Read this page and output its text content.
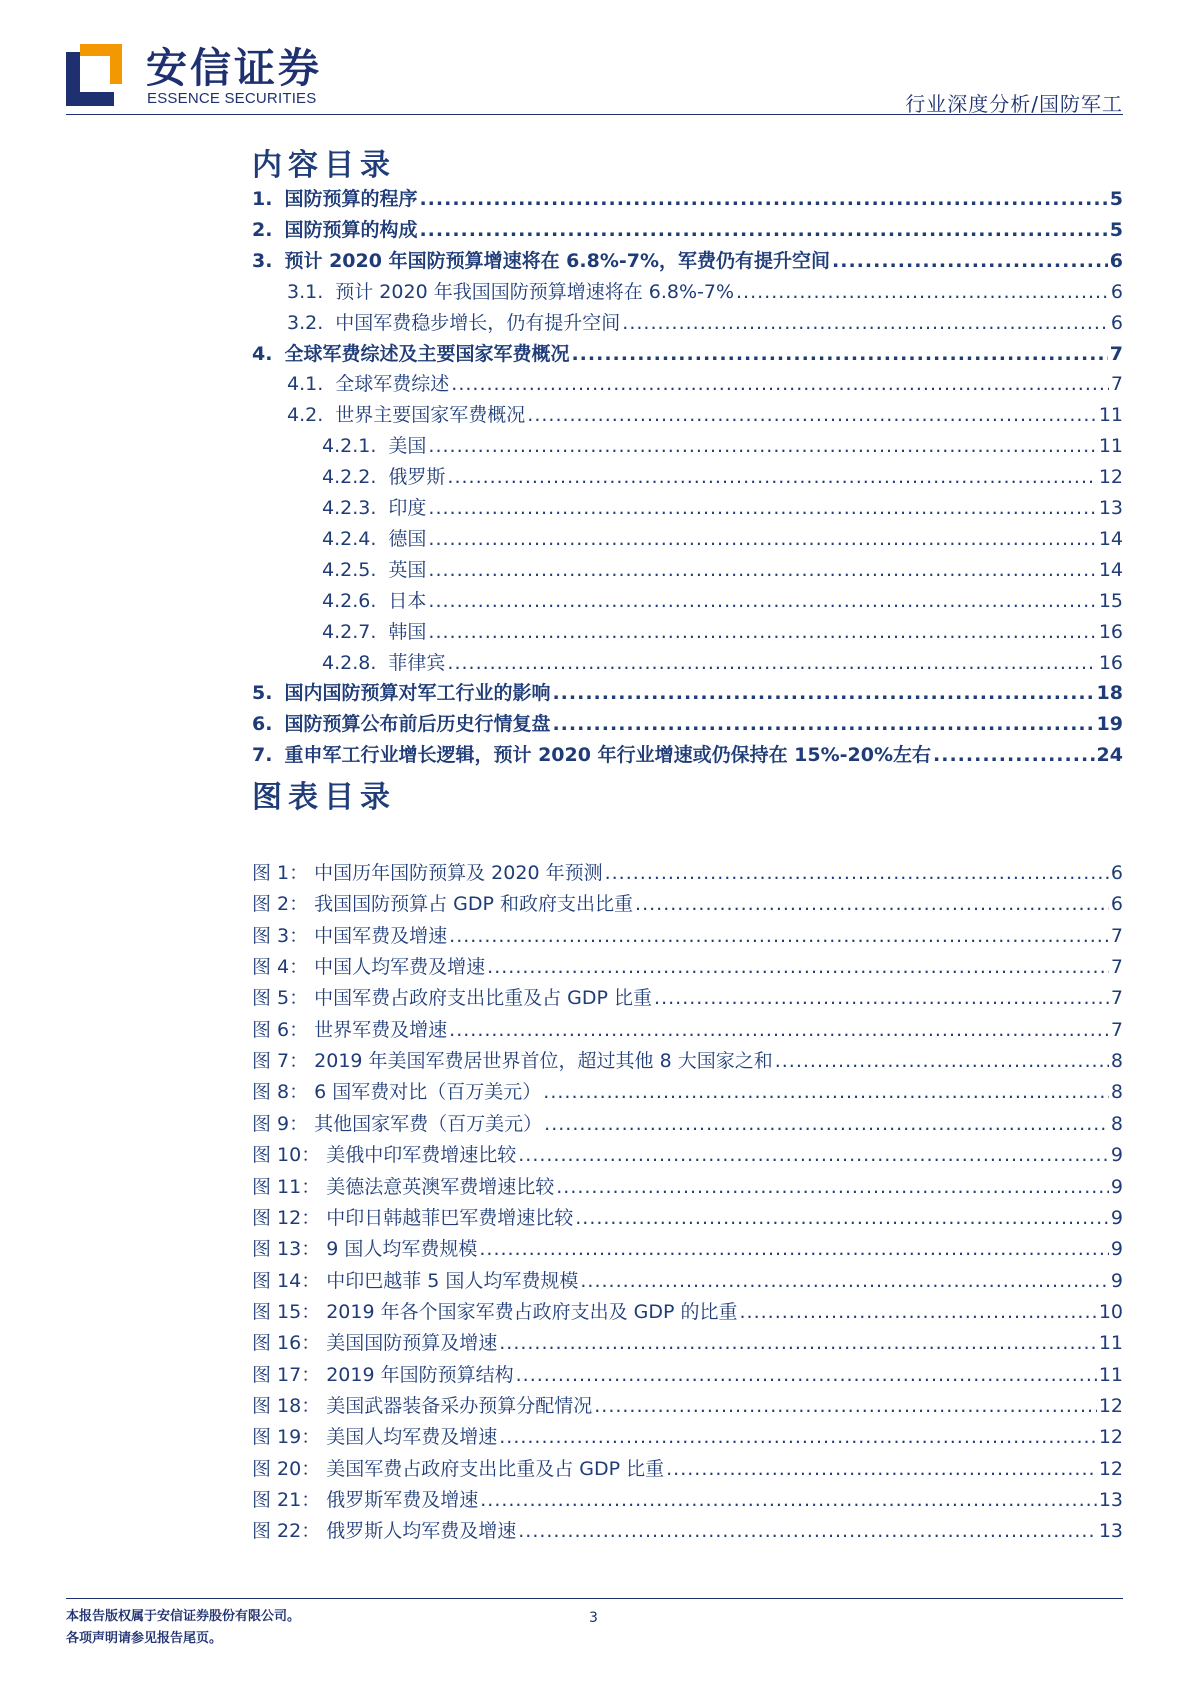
安信证券
ESSENCE SECURITIES	行业深度分析/国防军工
内容目录
1. 国防预算的程序 .....	5
2. 国防预算的构成 .....	5
3. 预计 2020 年国防预算增速将在 6.8%-7%，军费仍有提升空间 .....	6
3.1. 预计 2020 年我国国防预算增速将在 6.8%-7% .....	6
3.2. 中国军费稳步增长，仍有提升空间 .....	6
4. 全球军费综述及主要国家军费概况 .....	7
4.1. 全球军费综述 .....	7
4.2. 世界主要国家军费概况 .....	11
4.2.1. 美国 .....	11
4.2.2. 俄罗斯 .....	12
4.2.3. 印度 .....	13
4.2.4. 德国 .....	14
4.2.5. 英国 .....	14
4.2.6. 日本 .....	15
4.2.7. 韩国 .....	16
4.2.8. 菲律宾 .....	16
5. 国内国防预算对军工行业的影响 .....	18
6. 国防预算公布前后历史行情复盘 .....	19
7. 重申军工行业增长逻辑，预计 2020 年行业增速或仍保持在 15%-20%左右 .....	24
图表目录
图 1： 中国历年国防预算及 2020 年预测 .....	6
图 2： 我国国防预算占 GDP 和政府支出比重 .....	6
图 3： 中国军费及增速 .....	7
图 4： 中国人均军费及增速 .....	7
图 5： 中国军费占政府支出比重及占 GDP 比重 .....	7
图 6： 世界军费及增速 .....	7
图 7： 2019 年美国军费居世界首位，超过其他 8 大国家之和 .....	8
图 8： 6 国军费对比（百万美元） .....	8
图 9： 其他国家军费（百万美元） .....	8
图 10： 美俄中印军费增速比较 .....	9
图 11： 美德法意英澳军费增速比较 .....	9
图 12： 中印日韩越菲巴军费增速比较 .....	9
图 13： 9 国人均军费规模 .....	9
图 14： 中印巴越菲 5 国人均军费规模 .....	9
图 15： 2019 年各个国家军费占政府支出及 GDP 的比重 .....	10
图 16： 美国国防预算及增速 .....	11
图 17： 2019 年国防预算结构 .....	11
图 18： 美国武器装备采办预算分配情况 .....	12
图 19： 美国人均军费及增速 .....	12
图 20： 美国军费占政府支出比重及占 GDP 比重 .....	12
图 21： 俄罗斯军费及增速 .....	13
图 22： 俄罗斯人均军费及增速 .....	13
本报告版权属于安信证券股份有限公司。
各项声明请参见报告尾页。
3
